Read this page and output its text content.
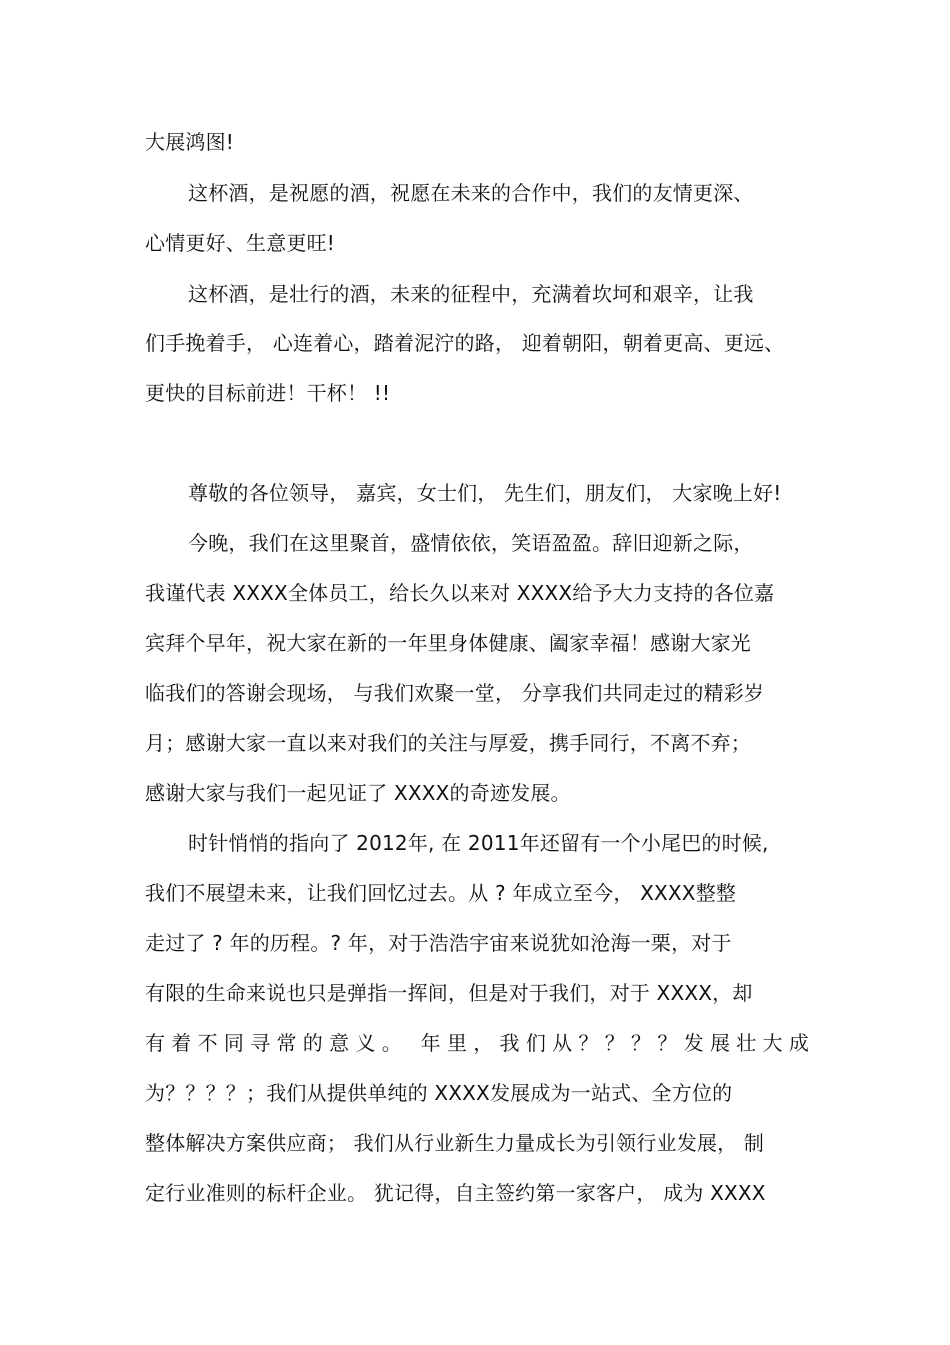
大展鸿图!
这杯酒，是祝愿的酒，祝愿在未来的合作中，我们的友情更深、
心情更好、生意更旺!
这杯酒，是壮行的酒，未来的征程中，充满着坎坷和艰辛，让我
们手挽着手， 心连着心，踏着泥泞的路， 迎着朝阳，朝着更高、更远、
更快的目标前进！干杯！ !!
尊敬的各位领导， 嘉宾，女士们， 先生们，朋友们， 大家晚上好!
今晚，我们在这里聚首，盛情依依，笑语盈盈。辞旧迎新之际，
我谨代表 XXXX全体员工，给长久以来对 XXXX给予大力支持的各位嘉
宾拜个早年，祝大家在新的一年里身体健康、阖家幸福！感谢大家光
临我们的答谢会现场， 与我们欢聚一堂， 分享我们共同走过的精彩岁
月；感谢大家一直以来对我们的关注与厚爱，携手同行，不离不弃；
感谢大家与我们一起见证了 XXXX的奇迹发展。
时针悄悄的指向了 2012年, 在 2011年还留有一个小尾巴的时候,
我们不展望未来，让我们回忆过去。从 ? 年成立至今， XXXX整整
走过了 ? 年的历程。? 年，对于浩浩宇宙来说犹如沧海一栗，对于
有限的生命来说也只是弹指一挥间，但是对于我们，对于 XXXX，却
有着不同寻常的意义。 年里，我们从？？？？发展壮大成
为？？？？；我们从提供单纯的 XXXX发展成为一站式、全方位的
整体解决方案供应商； 我们从行业新生力量成长为引领行业发展， 制
定行业准则的标杆企业。 犹记得，自主签约第一家客户， 成为 XXXX
